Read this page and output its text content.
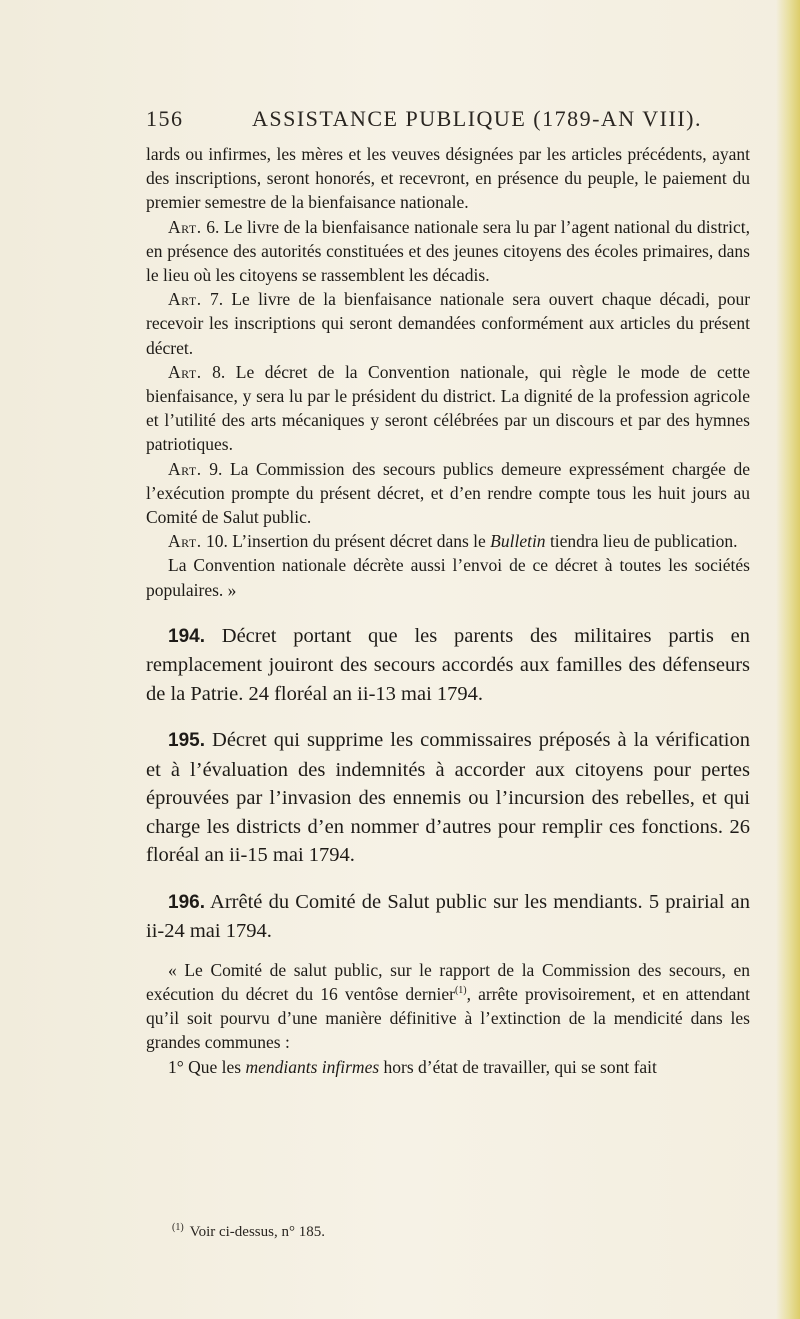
156	ASSISTANCE PUBLIQUE (1789-AN VIII).

lards ou infirmes, les mères et les veuves désignées par les articles précédents, ayant des inscriptions, seront honorés, et recevront, en présence du peuple, le paiement du premier semestre de la bienfaisance nationale.

Art. 6. Le livre de la bienfaisance nationale sera lu par l’agent national du district, en présence des autorités constituées et des jeunes citoyens des écoles primaires, dans le lieu où les citoyens se rassemblent les décadis.

Art. 7. Le livre de la bienfaisance nationale sera ouvert chaque décadi, pour recevoir les inscriptions qui seront demandées conformément aux articles du présent décret.

Art. 8. Le décret de la Convention nationale, qui règle le mode de cette bienfaisance, y sera lu par le président du district. La dignité de la profession agricole et l’utilité des arts mécaniques y seront célébrées par un discours et par des hymnes patriotiques.

Art. 9. La Commission des secours publics demeure expressément chargée de l’exécution prompte du présent décret, et d’en rendre compte tous les huit jours au Comité de Salut public.

Art. 10. L’insertion du présent décret dans le Bulletin tiendra lieu de publication.

La Convention nationale décrète aussi l’envoi de ce décret à toutes les sociétés populaires. »

194. Décret portant que les parents des militaires partis en remplacement jouiront des secours accordés aux familles des défenseurs de la Patrie. 24 floréal an ii-13 mai 1794.

195. Décret qui supprime les commissaires préposés à la vérification et à l’évaluation des indemnités à accorder aux citoyens pour pertes éprouvées par l’invasion des ennemis ou l’incursion des rebelles, et qui charge les districts d’en nommer d’autres pour remplir ces fonctions. 26 floréal an ii-15 mai 1794.

196. Arrêté du Comité de Salut public sur les mendiants. 5 prairial an ii-24 mai 1794.

« Le Comité de salut public, sur le rapport de la Commission des secours, en exécution du décret du 16 ventôse dernier$^{(1)}$, arrête provisoirement, et en attendant qu’il soit pourvu d’une manière définitive à l’extinction de la mendicité dans les grandes communes :

1° Que les mendiants infirmes hors d’état de travailler, qui se sont fait

$^{(1)}$ Voir ci-dessus, n° 185.
